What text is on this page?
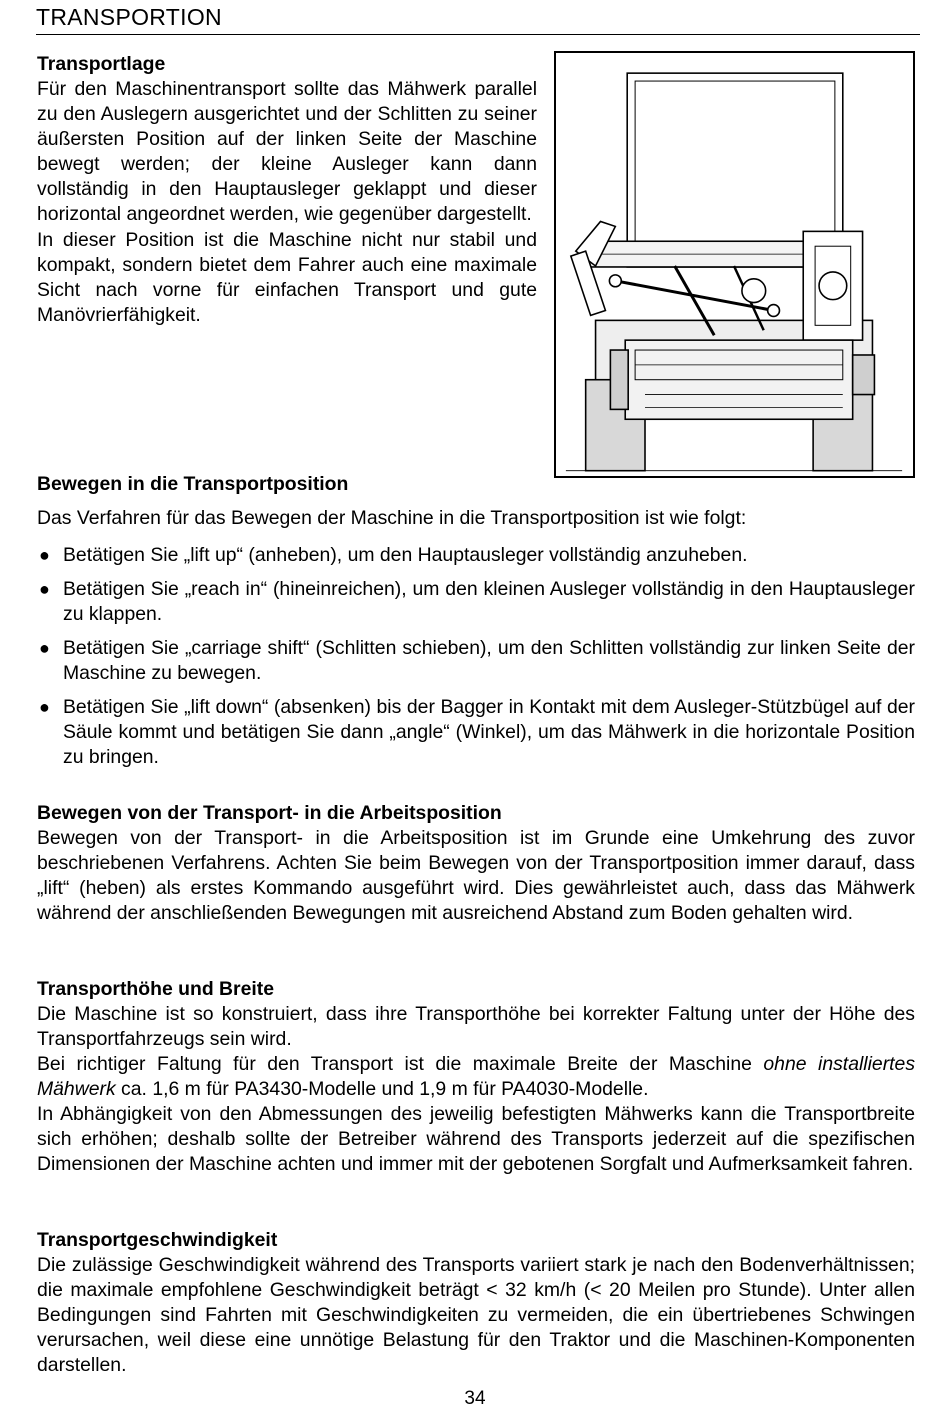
TRANSPORTION
Transportlage

Für den Maschinentransport sollte das Mähwerk parallel zu den Auslegern ausgerichtet und der Schlitten zu seiner äußersten Position auf der linken Seite der Maschine bewegt werden; der kleine Ausleger kann dann vollständig in den Hauptausleger geklappt und dieser horizontal angeordnet werden, wie gegenüber dargestellt.

In dieser Position ist die Maschine nicht nur stabil und kompakt, sondern bietet dem Fahrer auch eine maximale Sicht nach vorne für einfachen Transport und gute Manövrierfähigkeit.

Bewegen in die Transportposition

Das Verfahren für das Bewegen der Maschine in die Transportposition ist wie folgt:

● Betätigen Sie „lift up“ (anheben), um den Hauptausleger vollständig anzuheben.
● Betätigen Sie „reach in“ (hineinreichen), um den kleinen Ausleger vollständig in den Hauptausleger zu klappen.
● Betätigen Sie „carriage shift“ (Schlitten schieben), um den Schlitten vollständig zur linken Seite der Maschine zu bewegen.
● Betätigen Sie „lift down“ (absenken) bis der Bagger in Kontakt mit dem Ausleger-Stützbügel auf der Säule kommt und betätigen Sie dann „angle“ (Winkel), um das Mähwerk in die horizontale Position zu bringen.
Bewegen von der Transport- in die Arbeitsposition

Bewegen von der Transport- in die Arbeitsposition ist im Grunde eine Umkehrung des zuvor beschriebenen Verfahrens. Achten Sie beim Bewegen von der Transportposition immer darauf, dass „lift“ (heben) als erstes Kommando ausgeführt wird. Dies gewährleistet auch, dass das Mähwerk während der anschließenden Bewegungen mit ausreichend Abstand zum Boden gehalten wird.

Transporthöhe und Breite

Die Maschine ist so konstruiert, dass ihre Transporthöhe bei korrekter Faltung unter der Höhe des Transportfahrzeugs sein wird.

Bei richtiger Faltung für den Transport ist die maximale Breite der Maschine ohne installiertes Mähwerk ca. 1,6 m für PA3430-Modelle und 1,9 m für PA4030-Modelle.

In Abhängigkeit von den Abmessungen des jeweilig befestigten Mähwerks kann die Transportbreite sich erhöhen; deshalb sollte der Betreiber während des Transports jederzeit auf die spezifischen Dimensionen der Maschine achten und immer mit der gebotenen Sorgfalt und Aufmerksamkeit fahren.

Transportgeschwindigkeit

Die zulässige Geschwindigkeit während des Transports variiert stark je nach den Bodenverhältnissen; die maximale empfohlene Geschwindigkeit beträgt < 32 km/h (< 20 Meilen pro Stunde). Unter allen Bedingungen sind Fahrten mit Geschwindigkeiten zu vermeiden, die ein übertriebenes Schwingen verursachen, weil diese eine unnötige Belastung für den Traktor und die Maschinen-Komponenten darstellen.

34
